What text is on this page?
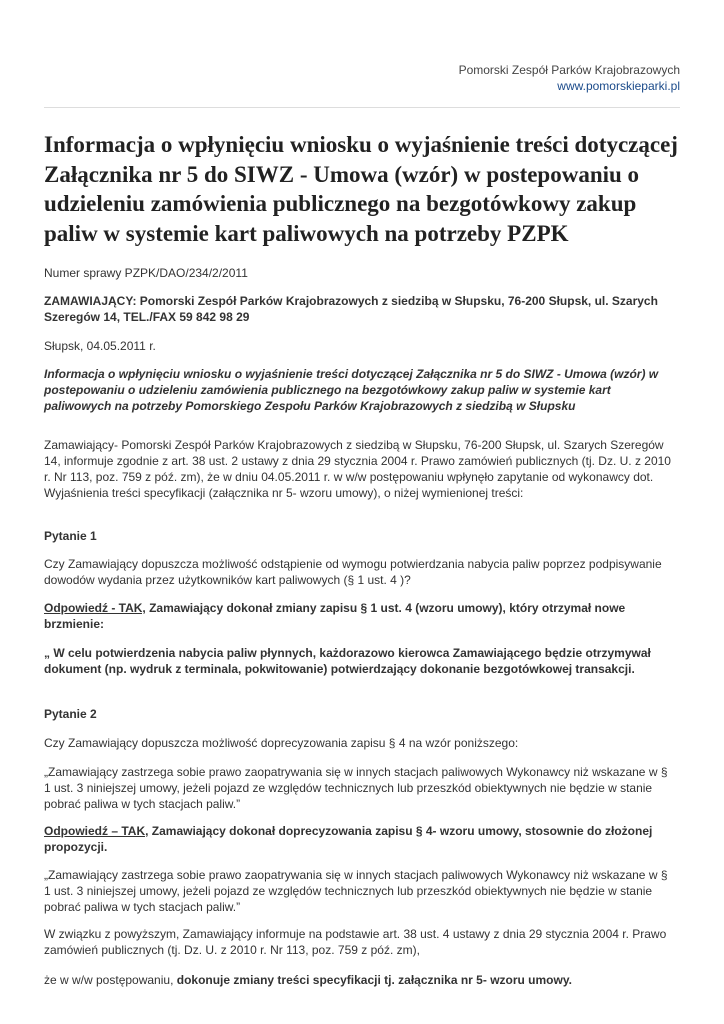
Pomorski Zespół Parków Krajobrazowych
www.pomorskieparki.pl
Informacja o wpłynięciu wniosku o wyjaśnienie treści dotyczącej Załącznika nr 5 do SIWZ - Umowa (wzór) w postepowaniu o udzieleniu zamówienia publicznego na bezgotówkowy zakup paliw w systemie kart paliwowych na potrzeby PZPK

Numer sprawy PZPK/DAO/234/2/2011

ZAMAWIAJĄCY: Pomorski Zespół Parków Krajobrazowych z siedzibą w Słupsku, 76-200 Słupsk, ul. Szarych Szeregów 14, TEL./FAX 59 842 98 29

Słupsk, 04.05.2011 r.

Informacja o wpłynięciu wniosku o wyjaśnienie treści dotyczącej Załącznika nr 5 do SIWZ - Umowa (wzór) w postepowaniu o udzieleniu zamówienia publicznego na bezgotówkowy zakup paliw w systemie kart paliwowych na potrzeby Pomorskiego Zespołu Parków Krajobrazowych z siedzibą w Słupsku

Zamawiający- Pomorski Zespół Parków Krajobrazowych z siedzibą w Słupsku, 76-200 Słupsk, ul. Szarych Szeregów 14, informuje zgodnie z art. 38 ust. 2 ustawy z dnia 29 stycznia 2004 r. Prawo zamówień publicznych (tj. Dz. U. z 2010 r. Nr 113, poz. 759 z póź. zm), że w dniu 04.05.2011 r. w w/w postępowaniu wpłynęło zapytanie od wykonawcy dot. Wyjaśnienia treści specyfikacji (załącznika nr 5- wzoru umowy), o niżej wymienionej treści:

Pytanie 1

Czy Zamawiający dopuszcza możliwość odstąpienie od wymogu potwierdzania nabycia paliw poprzez podpisywanie dowodów wydania przez użytkowników kart paliwowych (§ 1 ust. 4 )?

Odpowiedź - TAK, Zamawiający dokonał zmiany zapisu § 1 ust. 4 (wzoru umowy), który otrzymał nowe brzmienie:

„ W celu potwierdzenia nabycia paliw płynnych, każdorazowo kierowca Zamawiającego będzie otrzymywał dokument (np. wydruk z terminala, pokwitowanie) potwierdzający dokonanie bezgotówkowej transakcji.

Pytanie 2

Czy Zamawiający dopuszcza możliwość doprecyzowania zapisu § 4 na wzór poniższego:

„Zamawiający zastrzega sobie prawo zaopatrywania się w innych stacjach paliwowych Wykonawcy niż wskazane w § 1 ust. 3 niniejszej umowy, jeżeli pojazd ze względów technicznych lub przeszkód obiektywnych nie będzie w stanie pobrać paliwa w tych stacjach paliw.”

Odpowiedź – TAK, Zamawiający dokonał doprecyzowania zapisu § 4- wzoru umowy, stosownie do złożonej propozycji.

„Zamawiający zastrzega sobie prawo zaopatrywania się w innych stacjach paliwowych Wykonawcy niż wskazane w § 1 ust. 3 niniejszej umowy, jeżeli pojazd ze względów technicznych lub przeszkód obiektywnych nie będzie w stanie pobrać paliwa w tych stacjach paliw.”

W związku z powyższym, Zamawiający informuje na podstawie art. 38 ust. 4 ustawy z dnia 29 stycznia 2004 r. Prawo zamówień publicznych (tj. Dz. U. z 2010 r. Nr 113, poz. 759 z póź. zm),

że w w/w postępowaniu, dokonuje zmiany treści specyfikacji tj. załącznika nr 5- wzoru umowy.
